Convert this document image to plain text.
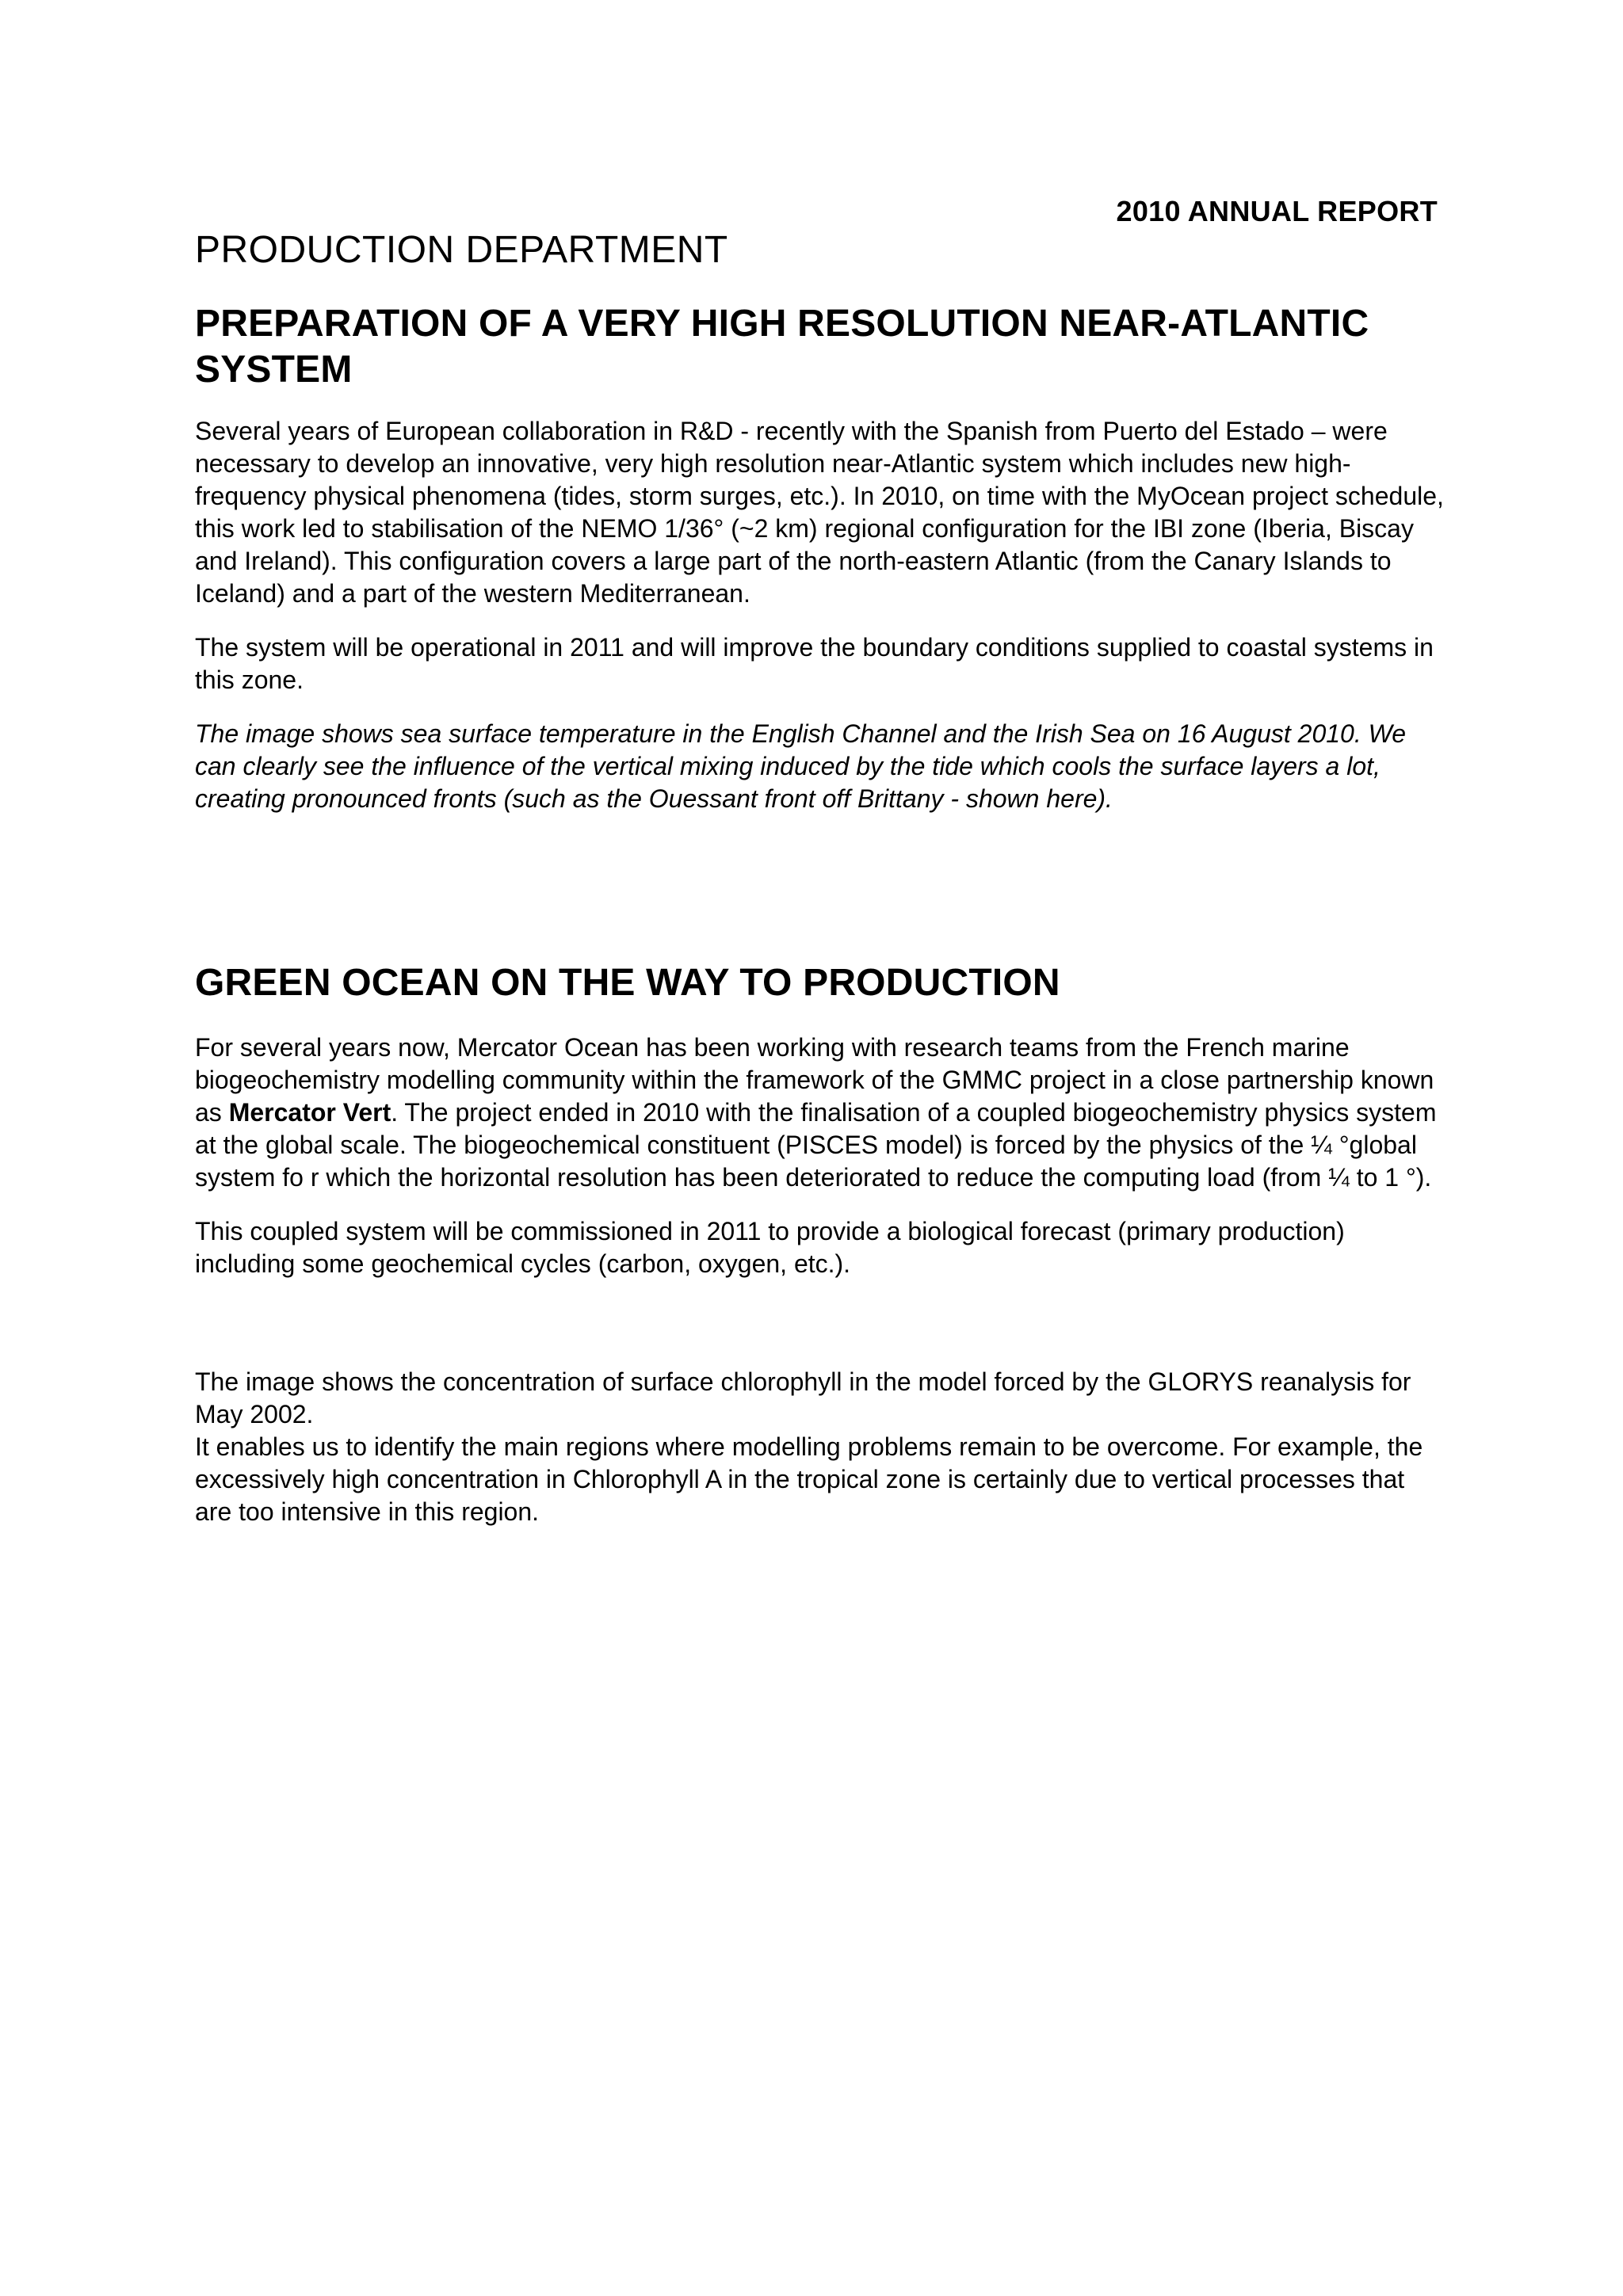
2010 ANNUAL REPORT
PRODUCTION DEPARTMENT
PREPARATION OF A VERY HIGH RESOLUTION NEAR-ATLANTIC SYSTEM

Several years of European collaboration in R&D - recently with the Spanish from Puerto del Estado – were necessary to develop an innovative, very high resolution near-Atlantic system which includes new high-frequency physical phenomena (tides, storm surges, etc.). In 2010, on time with the MyOcean project schedule, this work led to stabilisation of the NEMO 1/36° (~2 km) regional configuration for the IBI zone (Iberia, Biscay and Ireland). This configuration covers a large part of the north-eastern Atlantic (from the Canary Islands to Iceland) and a part of the western Mediterranean.

The system will be operational in 2011 and will improve the boundary conditions supplied to coastal systems in this zone.

The image shows sea surface temperature in the English Channel and the Irish Sea on 16 August 2010. We can clearly see the influence of the vertical mixing induced by the tide which cools the surface layers a lot, creating pronounced fronts (such as the Ouessant front off Brittany - shown here).

GREEN OCEAN ON THE WAY TO PRODUCTION

For several years now, Mercator Ocean has been working with research teams from the French marine biogeochemistry modelling community within the framework of the GMMC project in a close partnership known as Mercator Vert. The project ended in 2010 with the finalisation of a coupled biogeochemistry physics system at the global scale. The biogeochemical constituent (PISCES model) is forced by the physics of the ¼ °global system fo r which the horizontal resolution has been deteriorated to reduce the computing load (from ¼ to 1 °).

This coupled system will be commissioned in 2011 to provide a biological forecast (primary production) including some geochemical cycles (carbon, oxygen, etc.).

The image shows the concentration of surface chlorophyll in the model forced by the GLORYS reanalysis for May 2002.

It enables us to identify the main regions where modelling problems remain to be overcome. For example, the excessively high concentration in Chlorophyll A in the tropical zone is certainly due to vertical processes that are too intensive in this region.
